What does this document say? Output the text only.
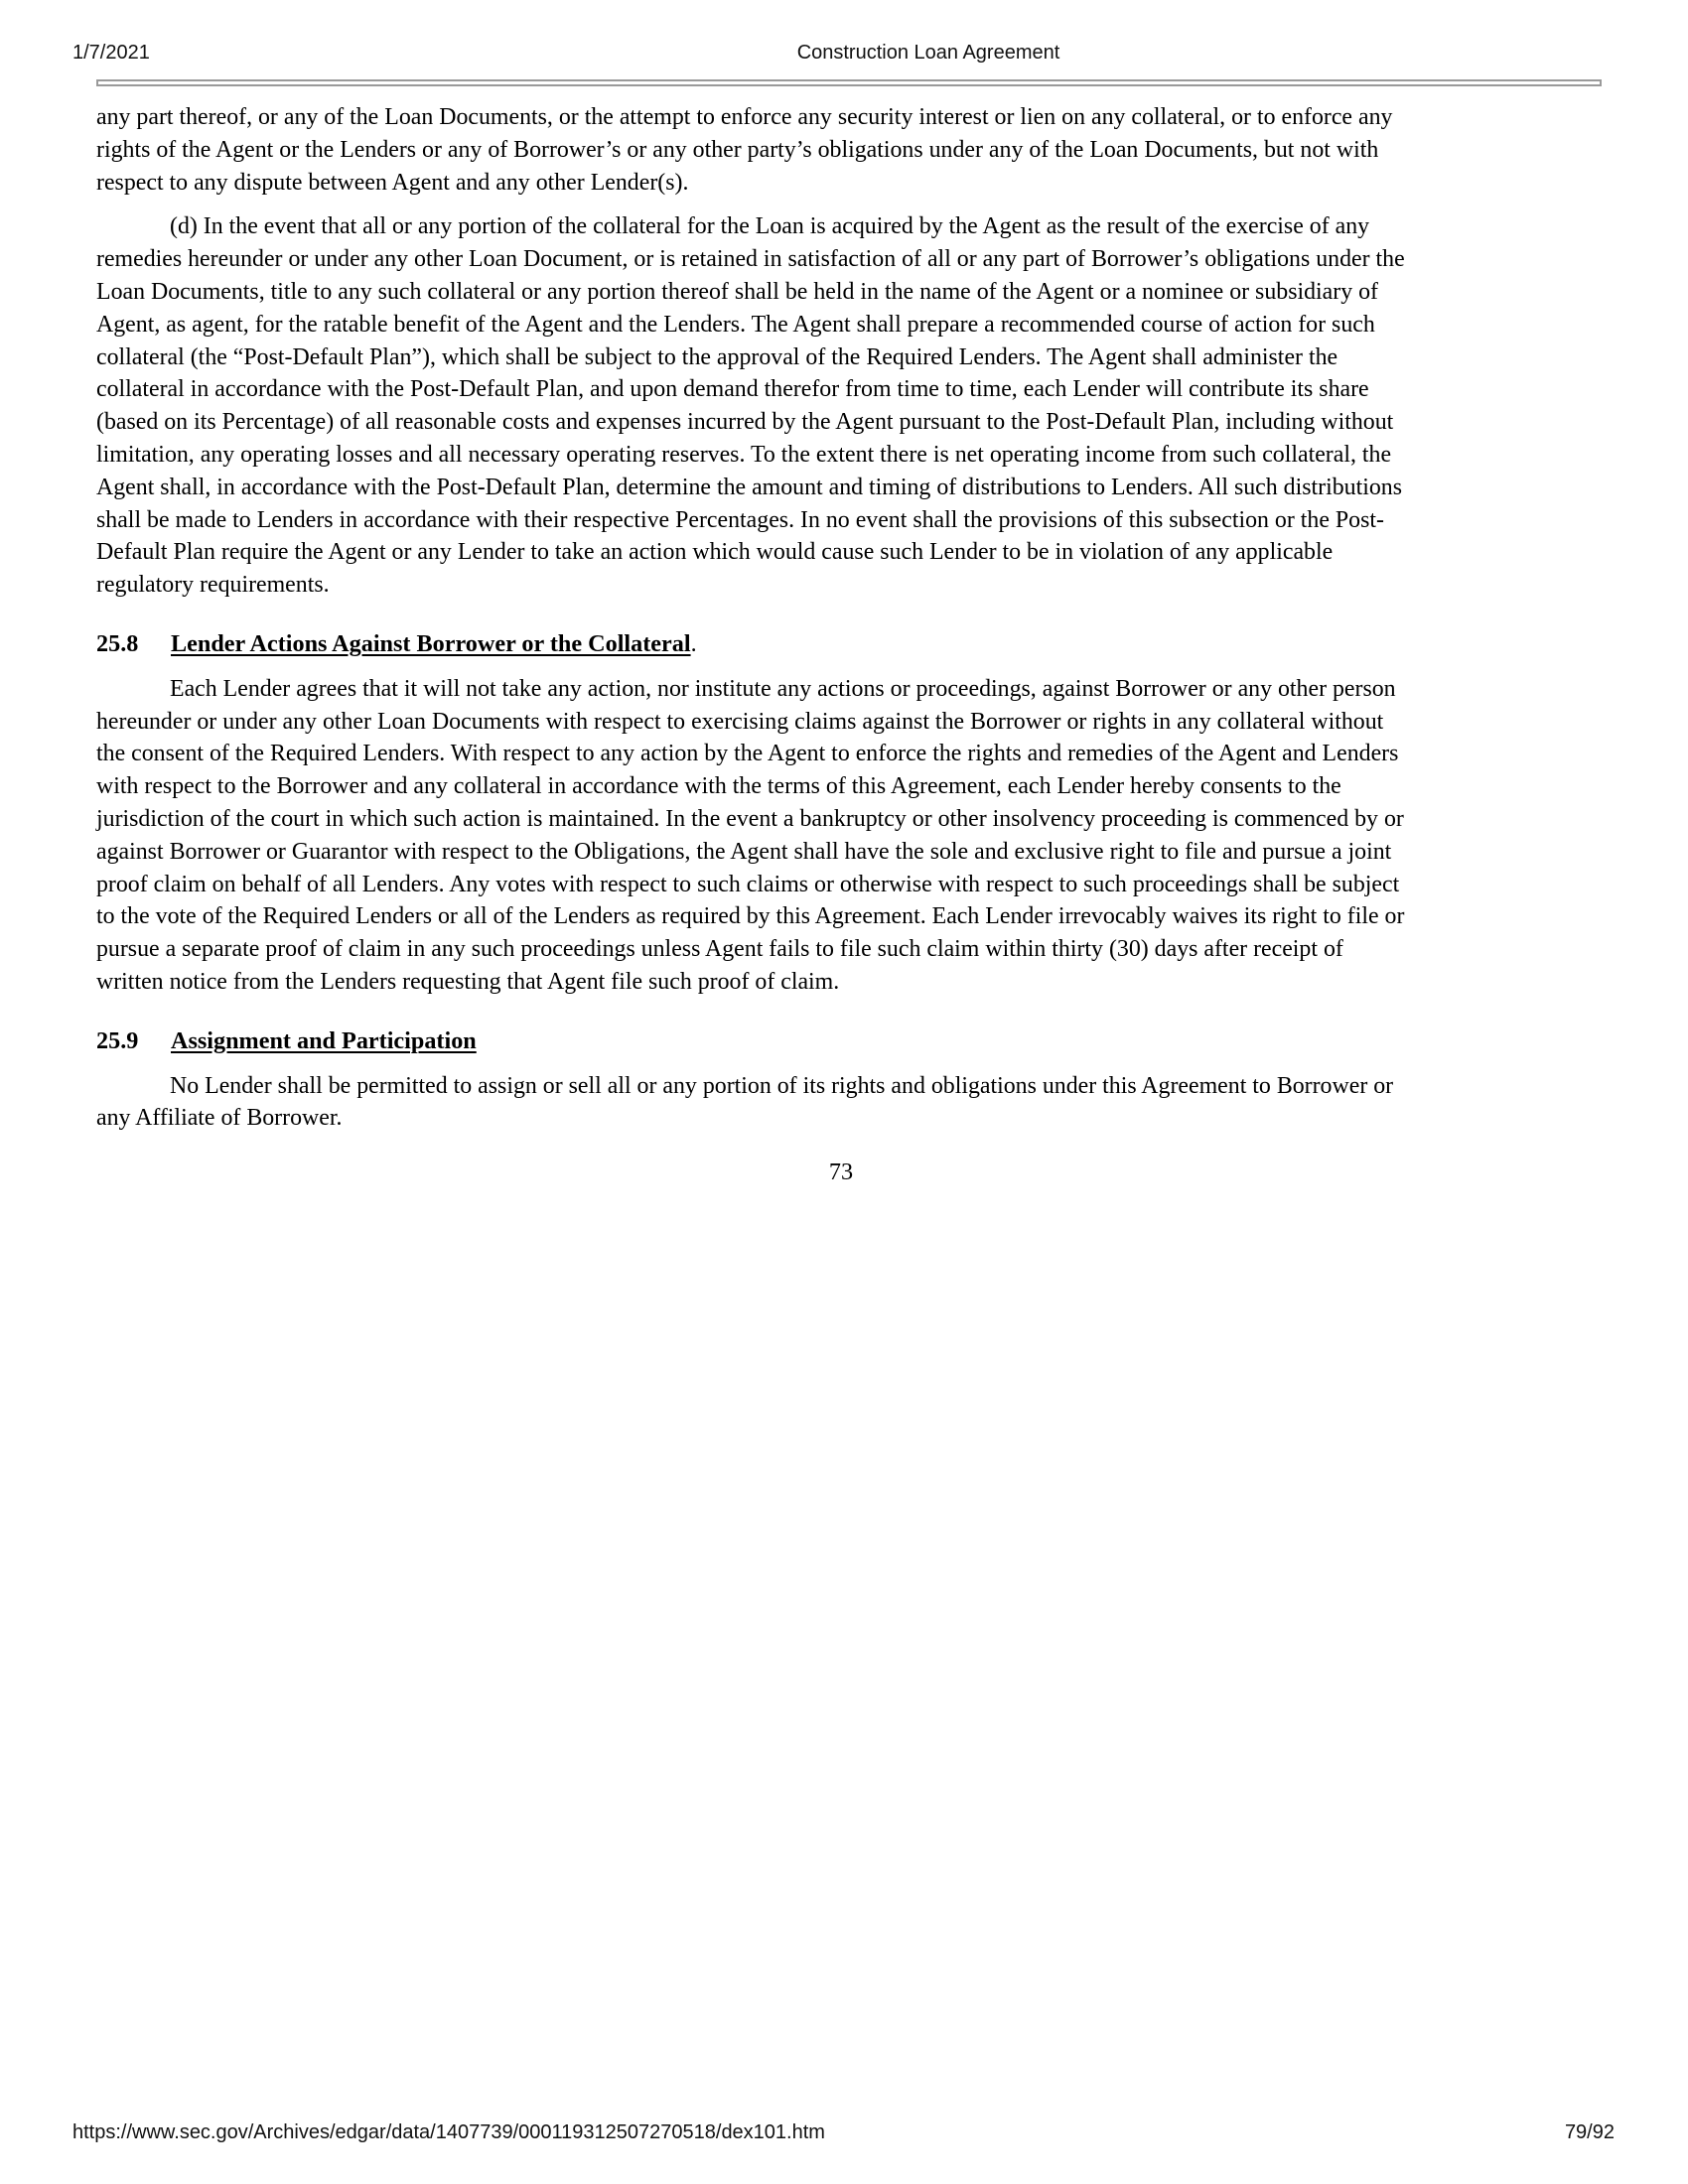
1/7/2021	Construction Loan Agreement
any part thereof, or any of the Loan Documents, or the attempt to enforce any security interest or lien on any collateral, or to enforce any
rights of the Agent or the Lenders or any of Borrower’s or any other party’s obligations under any of the Loan Documents, but not with
respect to any dispute between Agent and any other Lender(s).
(d) In the event that all or any portion of the collateral for the Loan is acquired by the Agent as the result of the exercise of any
remedies hereunder or under any other Loan Document, or is retained in satisfaction of all or any part of Borrower’s obligations under the
Loan Documents, title to any such collateral or any portion thereof shall be held in the name of the Agent or a nominee or subsidiary of
Agent, as agent, for the ratable benefit of the Agent and the Lenders. The Agent shall prepare a recommended course of action for such
collateral (the “Post-Default Plan”), which shall be subject to the approval of the Required Lenders. The Agent shall administer the
collateral in accordance with the Post-Default Plan, and upon demand therefor from time to time, each Lender will contribute its share
(based on its Percentage) of all reasonable costs and expenses incurred by the Agent pursuant to the Post-Default Plan, including without
limitation, any operating losses and all necessary operating reserves. To the extent there is net operating income from such collateral, the
Agent shall, in accordance with the Post-Default Plan, determine the amount and timing of distributions to Lenders. All such distributions
shall be made to Lenders in accordance with their respective Percentages. In no event shall the provisions of this subsection or the Post-
Default Plan require the Agent or any Lender to take an action which would cause such Lender to be in violation of any applicable
regulatory requirements.
25.8 Lender Actions Against Borrower or the Collateral.
Each Lender agrees that it will not take any action, nor institute any actions or proceedings, against Borrower or any other person
hereunder or under any other Loan Documents with respect to exercising claims against the Borrower or rights in any collateral without
the consent of the Required Lenders. With respect to any action by the Agent to enforce the rights and remedies of the Agent and Lenders
with respect to the Borrower and any collateral in accordance with the terms of this Agreement, each Lender hereby consents to the
jurisdiction of the court in which such action is maintained. In the event a bankruptcy or other insolvency proceeding is commenced by or
against Borrower or Guarantor with respect to the Obligations, the Agent shall have the sole and exclusive right to file and pursue a joint
proof claim on behalf of all Lenders. Any votes with respect to such claims or otherwise with respect to such proceedings shall be subject
to the vote of the Required Lenders or all of the Lenders as required by this Agreement. Each Lender irrevocably waives its right to file or
pursue a separate proof of claim in any such proceedings unless Agent fails to file such claim within thirty (30) days after receipt of
written notice from the Lenders requesting that Agent file such proof of claim.
25.9 Assignment and Participation
No Lender shall be permitted to assign or sell all or any portion of its rights and obligations under this Agreement to Borrower or
any Affiliate of Borrower.
73
https://www.sec.gov/Archives/edgar/data/1407739/000119312507270518/dex101.htm	79/92
